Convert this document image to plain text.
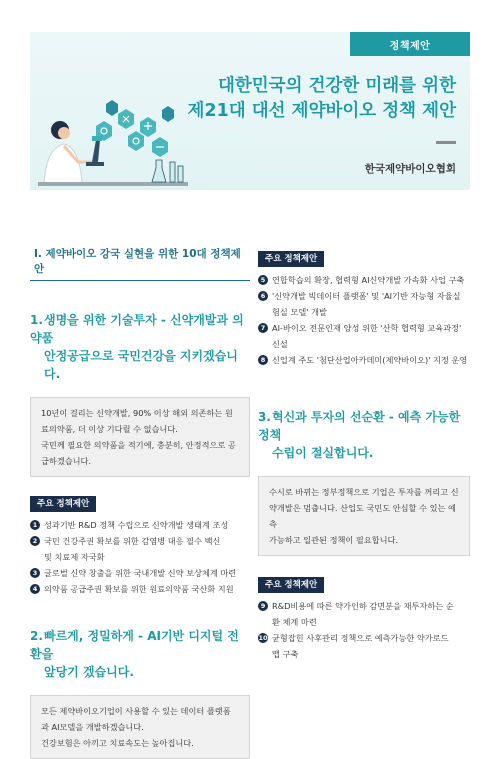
정책제안
대한민국의 건강한 미래를 위한
제21대 대선 제약바이오 정책 제안
한국제약바이오협회
Ⅰ. 제약바이오 강국 실현을 위한 10대 정책제안
1.생명을 위한 기술투자 - 신약개발과 의약품
안정공급으로 국민건강을 지키겠습니다.
10년이 걸리는 신약개발, 90% 이상 해외 의존하는 원
료의약품, 더 이상 기다릴 수 없습니다.
국민께 필요한 의약품을 적기에, 충분히, 안정적으로 공
급하겠습니다.
주요 정책제안
1 성과기반 R&D 정책 수립으로 신약개발 생태계 조성
2 국민 건강주권 확보를 위한 감염병 대응 필수 백신
및 치료제 자국화
3 글로벌 신약 창출을 위한 국내개발 신약 보상체계 마련
4 의약품 공급주권 확보를 위한 원료의약품 국산화 지원
2.빠르게, 정밀하게 - AI기반 디지털 전환을
앞당기 겠습니다.
모든 제약바이오기업이 사용할 수 있는 데이터 플랫폼
과 AI모델을 개발하겠습니다.
건강보험은 아끼고 치료속도는 높아집니다.
주요 정책제안
5 연합학습의 확장, 협력형 AI신약개발 가속화 사업 구축
6 '신약개발 빅데이터 플랫폼' 및 'AI기반 자능형 자율실
험실 모델' 개발
7 AI-바이오 전문인재 양성 위한 '산학 협력형 교육과정'
신설
8 신업계 주도 '첨단산업아카데미(제약바이오)' 지정 운영
3.혁신과 투자의 선순환 - 예측 가능한 정책
수립이 절실합니다.
수시로 바뀌는 정부정책으로 기업은 투자를 꺼리고 신
약개발은 멈춥니다. 산업도 국민도 안심할 수 있는 예측
가능하고 일관된 정책이 필요합니다.
주요 정책제안
9 R&D비용에 따른 약가인하 감면분을 재투자하는 순
환 체계 마련
10 균형잡힌 사후관리 정책으로 예측가능한 약가로드
맵 구축
